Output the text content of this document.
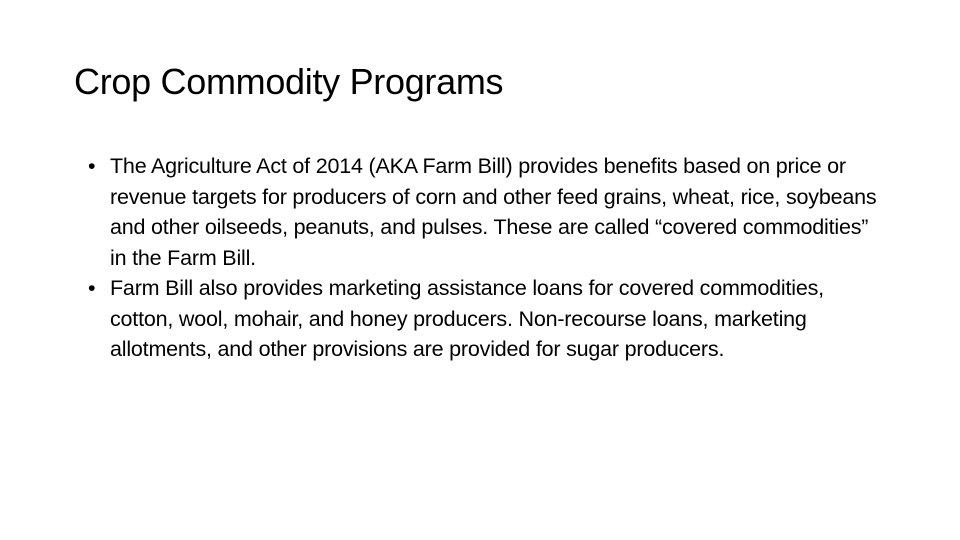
Crop Commodity Programs
• The Agriculture Act of 2014 (AKA Farm Bill) provides benefits based on price or revenue targets for producers of corn and other feed grains, wheat, rice, soybeans and other oilseeds, peanuts, and pulses. These are called “covered commodities” in the Farm Bill.
• Farm Bill also provides marketing assistance loans for covered commodities, cotton, wool, mohair, and honey producers. Non-recourse loans, marketing allotments, and other provisions are provided for sugar producers.
